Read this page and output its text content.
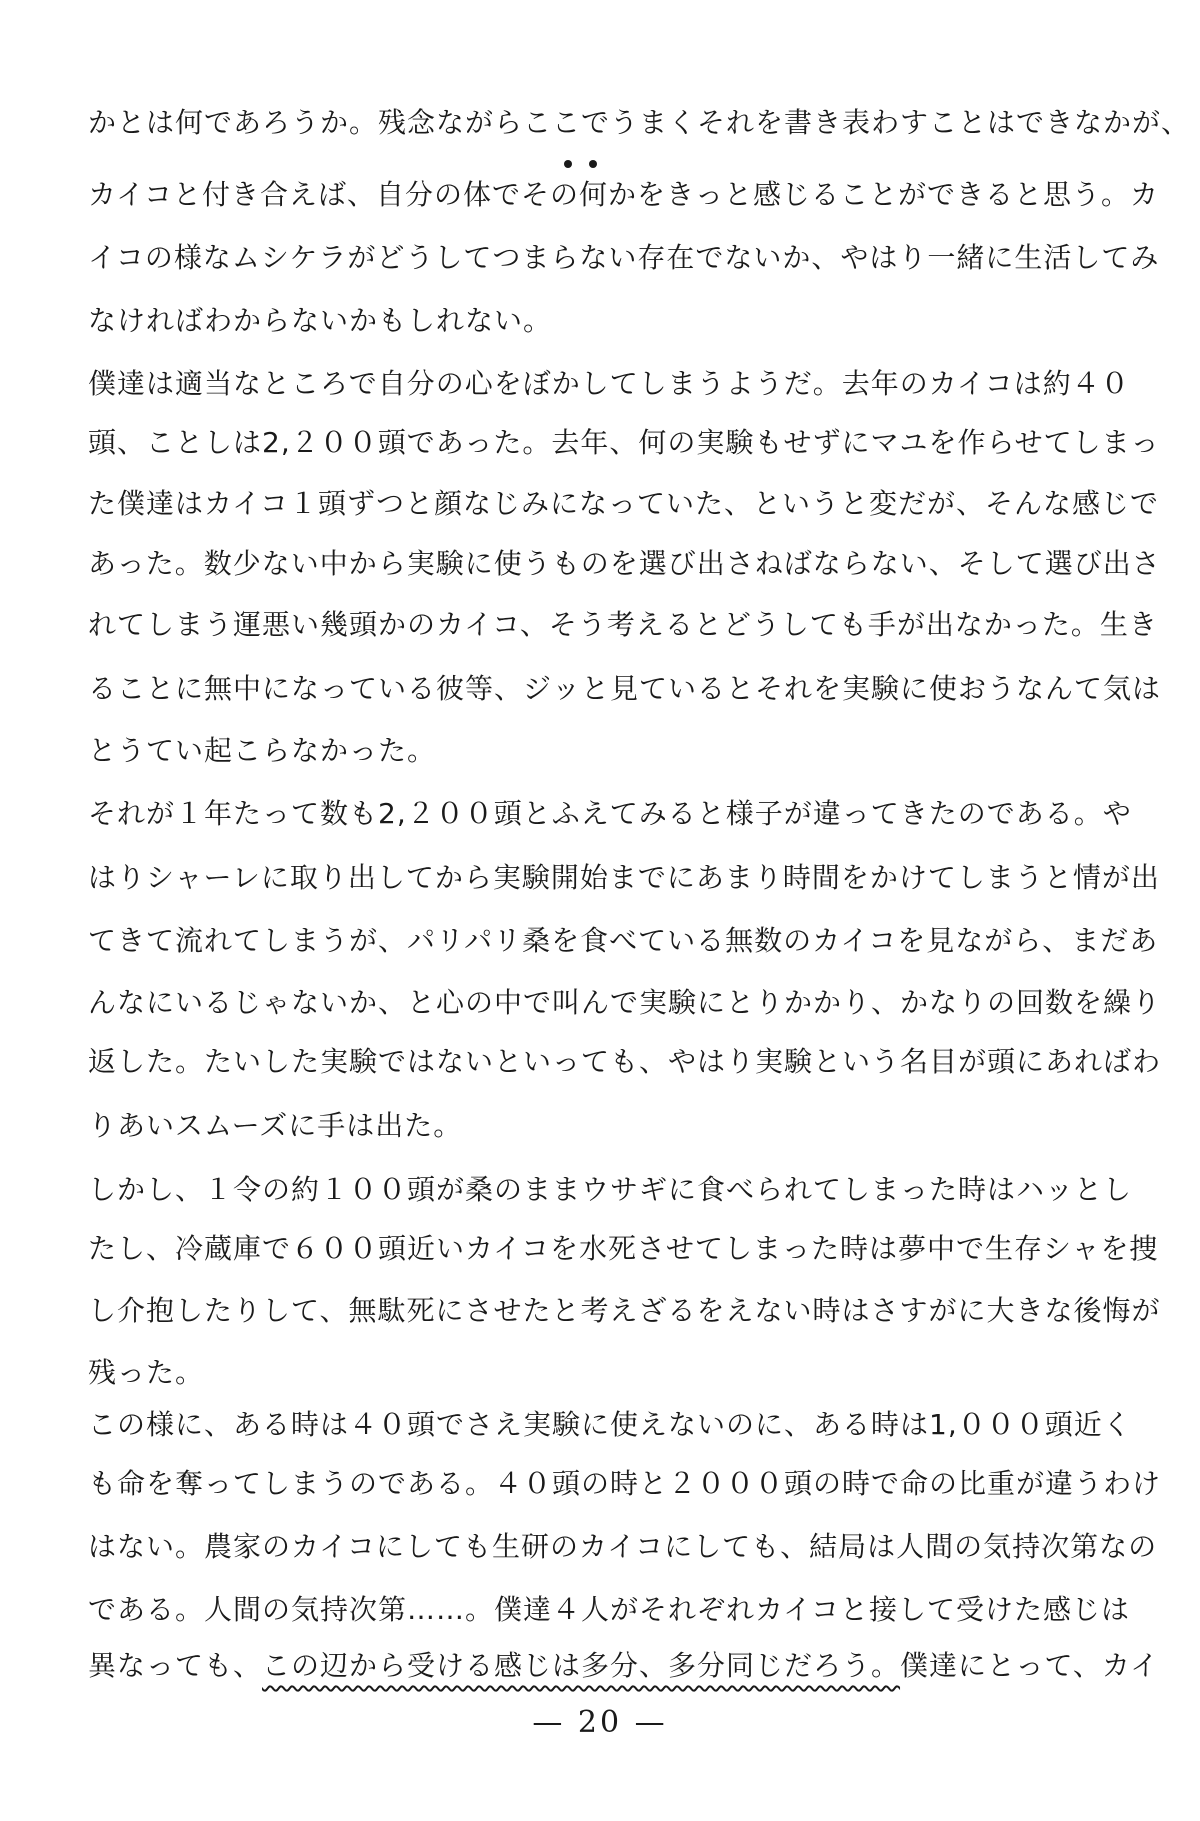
かとは何であろうか。残念ながらここでうまくそれを書き表わすことはできなかが、
カイコと付き合えば、自分の体でその何かをきっと感じることができると思う。カ
イコの様なムシケラがどうしてつまらない存在でないか、やはり一緒に生活してみ
なければわからないかもしれない。
僕達は適当なところで自分の心をぼかしてしまうようだ。去年のカイコは約４０
頭、ことしは2,２００頭であった。去年、何の実験もせずにマユを作らせてしまっ
た僕達はカイコ１頭ずつと顔なじみになっていた、というと変だが、そんな感じで
あった。数少ない中から実験に使うものを選び出さねばならない、そして選び出さ
れてしまう運悪い幾頭かのカイコ、そう考えるとどうしても手が出なかった。生き
ることに無中になっている彼等、ジッと見ているとそれを実験に使おうなんて気は
とうてい起こらなかった。
それが１年たって数も2,２００頭とふえてみると様子が違ってきたのである。や
はりシャーレに取り出してから実験開始までにあまり時間をかけてしまうと情が出
てきて流れてしまうが、パリパリ桑を食べている無数のカイコを見ながら、まだあ
んなにいるじゃないか、と心の中で叫んで実験にとりかかり、かなりの回数を繰り
返した。たいした実験ではないといっても、やはり実験という名目が頭にあればわ
りあいスムーズに手は出た。
しかし、１令の約１００頭が桑のままウサギに食べられてしまった時はハッとし
たし、冷蔵庫で６００頭近いカイコを水死させてしまった時は夢中で生存シャを捜
し介抱したりして、無駄死にさせたと考えざるをえない時はさすがに大きな後悔が
残った。
この様に、ある時は４０頭でさえ実験に使えないのに、ある時は1,０００頭近く
も命を奪ってしまうのである。４０頭の時と２０００頭の時で命の比重が違うわけ
はない。農家のカイコにしても生研のカイコにしても、結局は人間の気持次第なの
である。人間の気持次第……。僕達４人がそれぞれカイコと接して受けた感じは
異なっても、この辺から受ける感じは多分、多分同じだろう。僕達にとって、カイ
— 20 —
